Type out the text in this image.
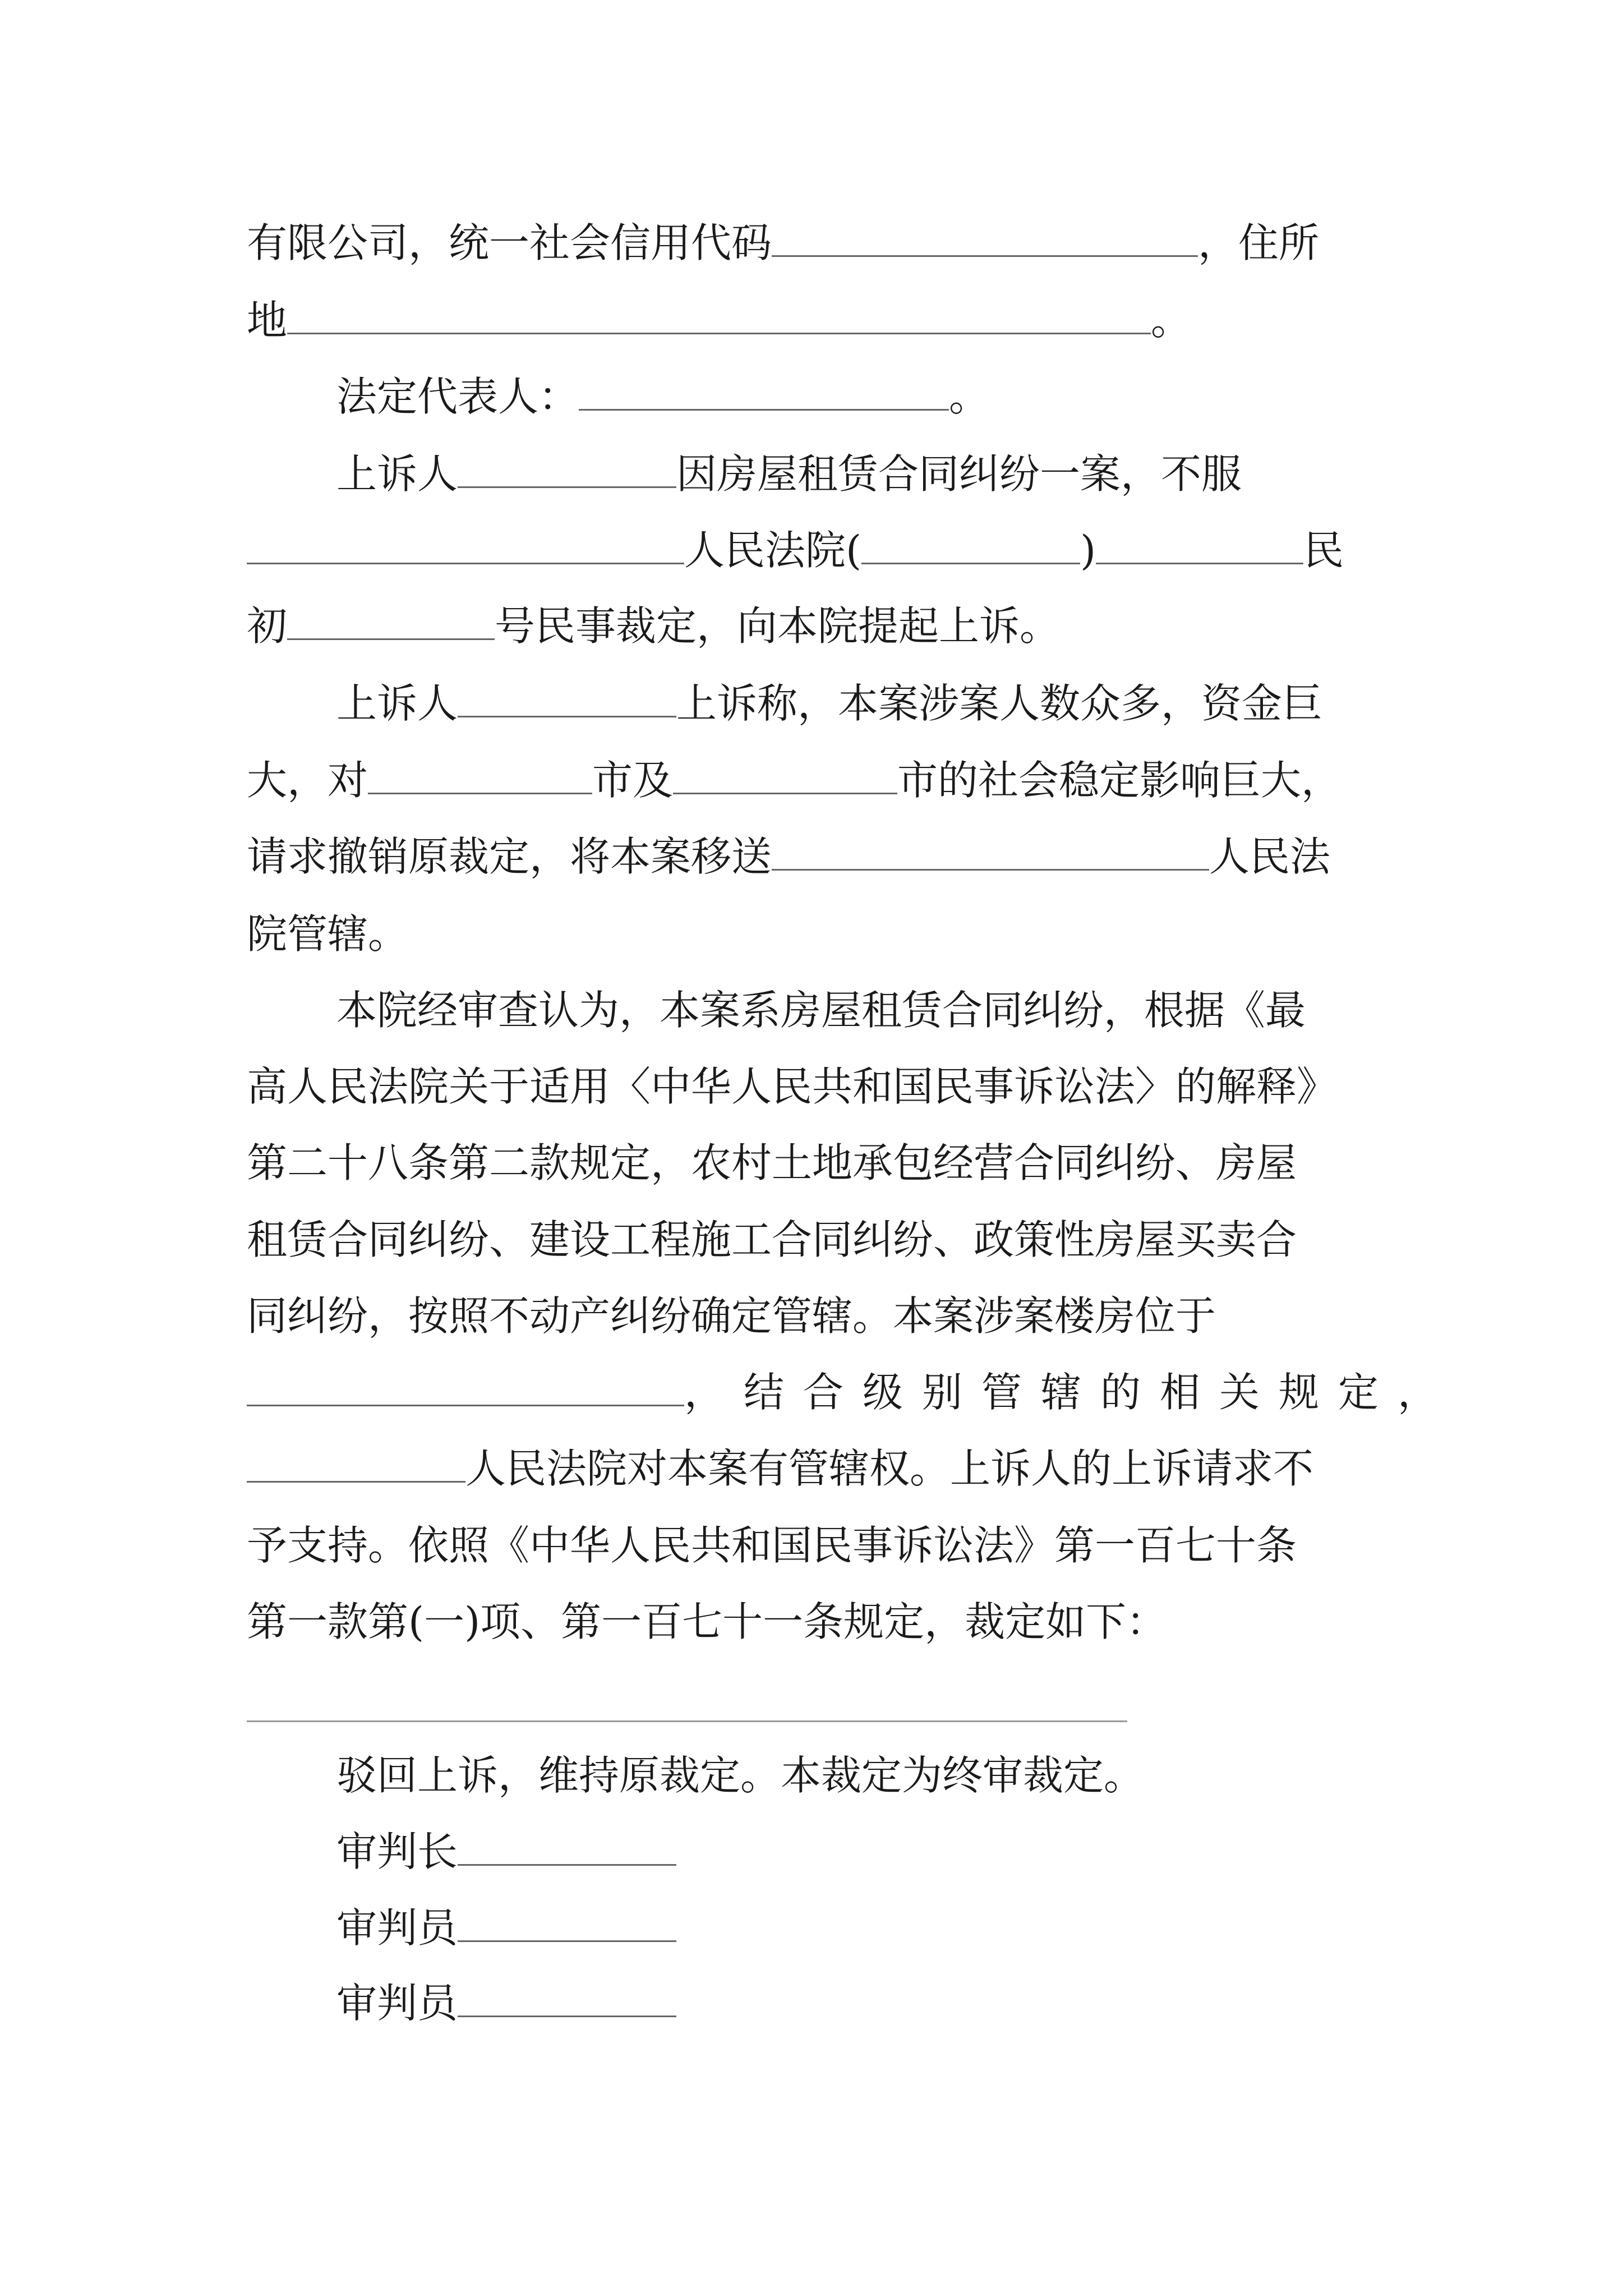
有限公司，统一社会信用代码	，住所
地	。
法定代表人：	。
上诉人	因房屋租赁合同纠纷一案，不服
人民法院(	)	民
初	号民事裁定，向本院提起上诉。
上诉人	上诉称，本案涉案人数众多，资金巨
大，对	市及	市的社会稳定影响巨大，
请求撤销原裁定，将本案移送	人民法
院管辖。
本院经审查认为，本案系房屋租赁合同纠纷，根据《最
高人民法院关于适用〈中华人民共和国民事诉讼法〉的解释》
第二十八条第二款规定，农村土地承包经营合同纠纷、房屋
租赁合同纠纷、建设工程施工合同纠纷、政策性房屋买卖合
同纠纷，按照不动产纠纷确定管辖。本案涉案楼房位于
，结合级别管辖的相关规定，
人民法院对本案有管辖权。上诉人的上诉请求不
予支持。依照《中华人民共和国民事诉讼法》第一百七十条
第一款第(一)项、第一百七十一条规定，裁定如下：
驳回上诉，维持原裁定。本裁定为终审裁定。
审判长
审判员
审判员
